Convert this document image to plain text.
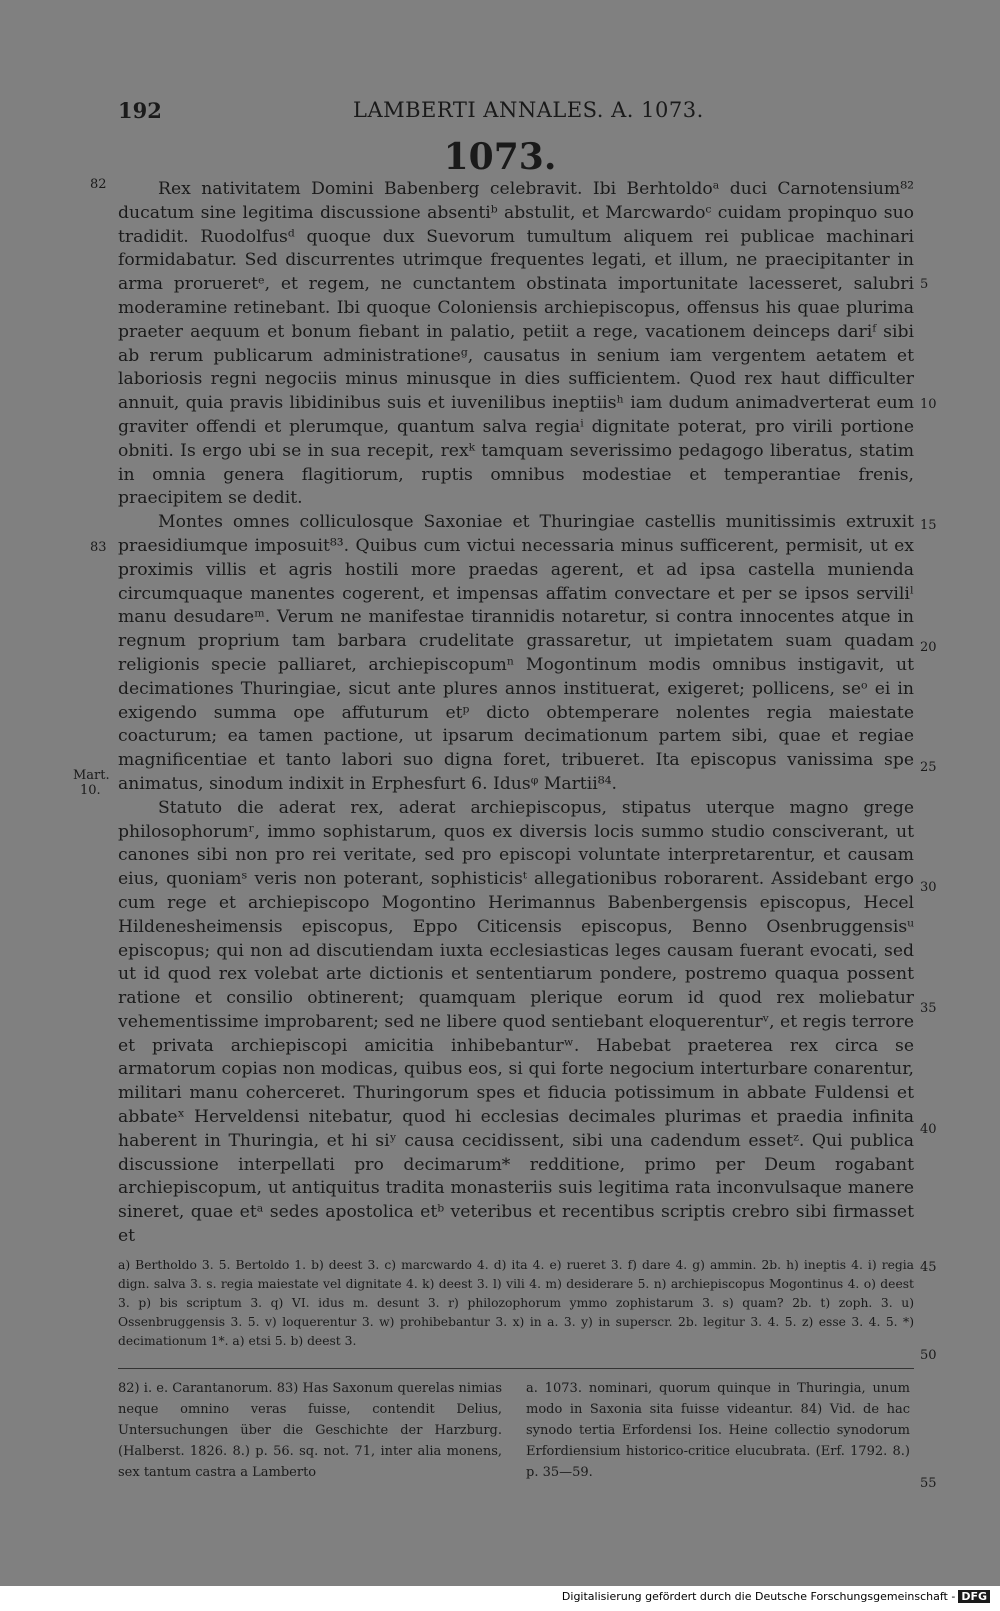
192	LAMBERTI ANNALES. A. 1073.
1073.
82
83
Mart.
10.

Rex nativitatem Domini Babenberg celebravit. Ibi Berhtoldoᵃ duci Carnotensium⁸² ducatum sine legitima discussione absentiᵇ abstulit, et Marcwardoᶜ cuidam propinquo suo tradidit. Ruodolfusᵈ quoque dux Suevorum tumultum aliquem rei publicae machinari formidabatur. Sed discurrentes utrimque frequentes legati, et illum, ne praecipitanter in arma prorueretᵉ, et regem, ne cunctantem obstinata importunitate lacesseret, salubri moderamine retinebant. Ibi quoque Coloniensis archiepiscopus, offensus his quae plurima praeter aequum et bonum fiebant in palatio, petiit a rege, vacationem deinceps dariᶠ sibi ab rerum publicarum administrationeᵍ, causatus in senium iam vergentem aetatem et laboriosis regni negociis minus minusque in dies sufficientem. Quod rex haut difficulter annuit, quia pravis libidinibus suis et iuvenilibus ineptiisʰ iam dudum animadverterat eum graviter offendi et plerumque, quantum salva regiaⁱ dignitate poterat, pro virili portione obniti. Is ergo ubi se in sua recepit, rexᵏ tamquam severissimo pedagogo liberatus, statim in omnia genera flagitiorum, ruptis omnibus modestiae et temperantiae frenis, praecipitem se dedit.

Montes omnes colliculosque Saxoniae et Thuringiae castellis munitissimis extruxit praesidiumque imposuit⁸³. Quibus cum victui necessaria minus sufficerent, permisit, ut ex proximis villis et agris hostili more praedas agerent, et ad ipsa castella munienda circumquaque manentes cogerent, et impensas affatim convectare et per se ipsos serviliˡ manu desudareᵐ. Verum ne manifestae tirannidis notaretur, si contra innocentes atque in regnum proprium tam barbara crudelitate grassaretur, ut impietatem suam quadam religionis specie palliaret, archiepiscopumⁿ Mogontinum modis omnibus instigavit, ut decimationes Thuringiae, sicut ante plures annos instituerat, exigeret; pollicens, seᵒ ei in exigendo summa ope affuturum etᵖ dicto obtemperare nolentes regia maiestate coacturum; ea tamen pactione, ut ipsarum decimationum partem sibi, quae et regiae magnificentiae et tanto labori suo digna foret, tribueret. Ita episcopus vanissima spe animatus, sinodum indixit in Erphesfurt 6. Idusᵠ Martii⁸⁴.

Statuto die aderat rex, aderat archiepiscopus, stipatus uterque magno grege philosophorumʳ, immo sophistarum, quos ex diversis locis summo studio consciverant, ut canones sibi non pro rei veritate, sed pro episcopi voluntate interpretarentur, et causam eius, quoniamˢ veris non poterant, sophisticisᵗ allegationibus roborarent. Assidebant ergo cum rege et archiepiscopo Mogontino Herimannus Babenbergensis episcopus, Hecel Hildenesheimensis episcopus, Eppo Citicensis episcopus, Benno Osenbruggensisᵘ episcopus; qui non ad discutiendam iuxta ecclesiasticas leges causam fuerant evocati, sed ut id quod rex volebat arte dictionis et sententiarum pondere, postremo quaqua possent ratione et consilio obtinerent; quamquam plerique eorum id quod rex moliebatur vehementissime improbarent; sed ne libere quod sentiebant eloquerenturᵛ, et regis terrore et privata archiepiscopi amicitia inhibebanturʷ. Habebat praeterea rex circa se armatorum copias non modicas, quibus eos, si qui forte negocium interturbare conarentur, militari manu coherceret. Thuringorum spes et fiducia potissimum in abbate Fuldensi et abbateˣ Herveldensi nitebatur, quod hi ecclesias decimales plurimas et praedia infinita haberent in Thuringia, et hi siʸ causa cecidissent, sibi una cadendum essetᶻ. Qui publica discussione interpellati pro decimarum* redditione, primo per Deum rogabant archiepiscopum, ut antiquitus tradita monasteriis suis legitima rata inconvulsaque manere sineret, quae etᵃ sedes apostolica etᵇ veteribus et recentibus scriptis crebro sibi firmasset et

5
10
15
20
25
30
35
40
45
50
55

a) Bertholdo 3. 5. Bertoldo 1. b) deest 3. c) marcwardo 4. d) ita 4. e) rueret 3. f) dare 4. g) ammin. 2b. h) ineptis 4. i) regia dign. salva 3. s. regia maiestate vel dignitate 4. k) deest 3. l) vili 4. m) desiderare 5. n) archiepiscopus Mogontinus 4. o) deest 3. p) bis scriptum 3. q) VI. idus m. desunt 3. r) philozophorum ymmo zophistarum 3. s) quam? 2b. t) zoph. 3. u) Ossenbruggensis 3. 5. v) loquerentur 3. w) prohibebantur 3. x) in a. 3. y) in superscr. 2b. legitur 3. 4. 5. z) esse 3. 4. 5. *) decimationum 1*. a) etsi 5. b) deest 3.

82) i. e. Carantanorum. 83) Has Saxonum querelas nimias neque omnino veras fuisse, contendit Delius, Untersuchungen über die Geschichte der Harzburg. (Halberst. 1826. 8.) p. 56. sq. not. 71, inter alia monens, sex tantum castra a Lamberto

a. 1073. nominari, quorum quinque in Thuringia, unum modo in Saxonia sita fuisse videantur. 84) Vid. de hac synodo tertia Erfordensi Ios. Heine collectio synodorum Erfordiensium historico-critice elucubrata. (Erf. 1792. 8.) p. 35—59.

Digitalisierung gefördert durch die Deutsche Forschungsgemeinschaft - DFG
